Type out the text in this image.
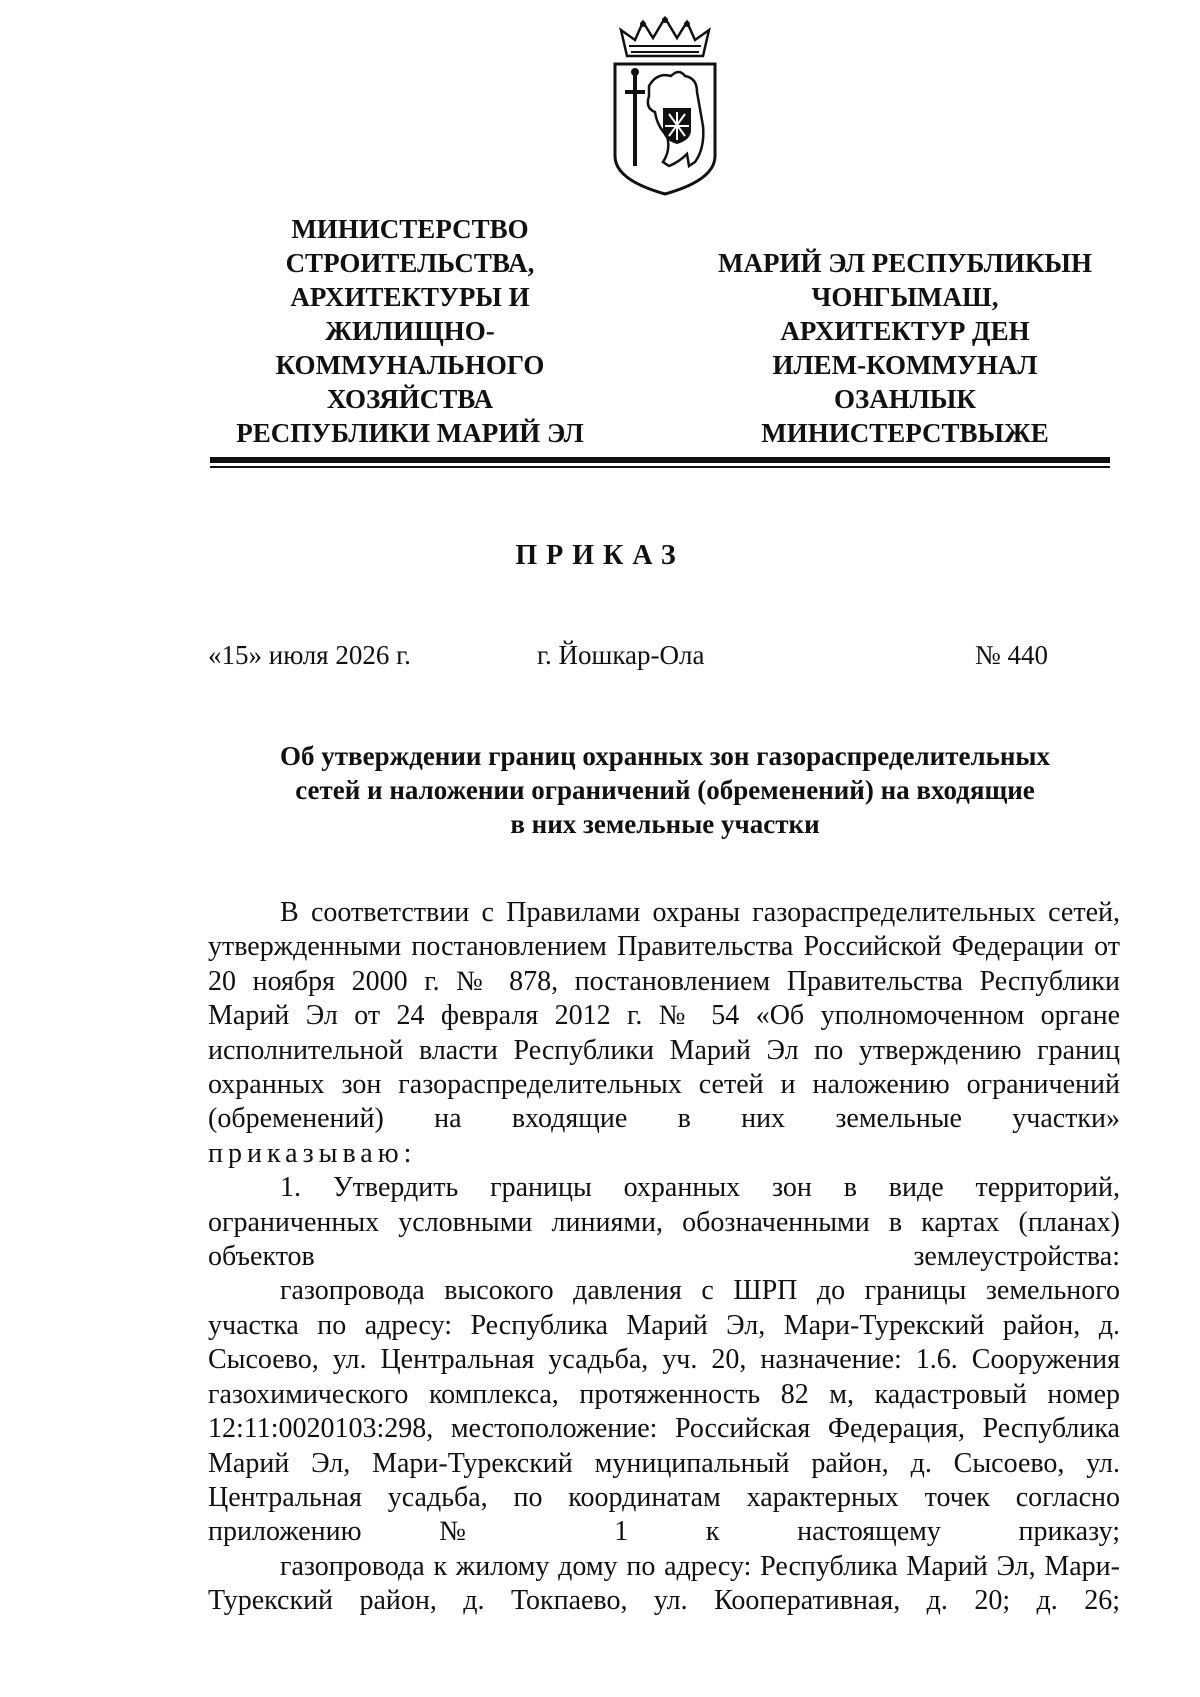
МИНИСТЕРСТВО
СТРОИТЕЛЬСТВА,
АРХИТЕКТУРЫ И
ЖИЛИЩНО-
КОММУНАЛЬНОГО
ХОЗЯЙСТВА
РЕСПУБЛИКИ МАРИЙ ЭЛ
МАРИЙ ЭЛ РЕСПУБЛИКЫН
ЧОНГЫМАШ,
АРХИТЕКТУР ДЕН
ИЛЕМ-КОММУНАЛ
ОЗАНЛЫК
МИНИСТЕРСТВЫЖЕ
ПРИКАЗ
«15» июля 2026 г.	г. Йошкар-Ола	№ 440
Об утверждении границ охранных зон газораспределительных
сетей и наложении ограничений (обременений) на входящие
в них земельные участки

В соответствии с Правилами охраны газораспределительных сетей, утвержденными постановлением Правительства Российской Федерации от 20 ноября 2000 г. № 878, постановлением Правительства Республики Марий Эл от 24 февраля 2012 г. № 54 «Об уполномоченном органе исполнительной власти Республики Марий Эл по утверждению границ охранных зон газораспределительных сетей и наложению ограничений (обременений) на входящие в них земельные участки»

приказываю:

1. Утвердить границы охранных зон в виде территорий, ограниченных условными линиями, обозначенными в картах (планах) объектов землеустройства:

газопровода высокого давления с ШРП до границы земельного участка по адресу: Республика Марий Эл, Мари-Турекский район, д. Сысоево, ул. Центральная усадьба, уч. 20, назначение: 1.6. Сооружения газохимического комплекса, протяженность 82 м, кадастровый номер 12:11:0020103:298, местоположение: Российская Федерация, Республика Марий Эл, Мари-Турекский муниципальный район, д. Сысоево, ул. Центральная усадьба, по координатам характерных точек согласно приложению № 1 к настоящему приказу;

газопровода к жилому дому по адресу: Республика Марий Эл, Мари-Турекский район, д. Токпаево, ул. Кооперативная, д. 20; д. 26;
